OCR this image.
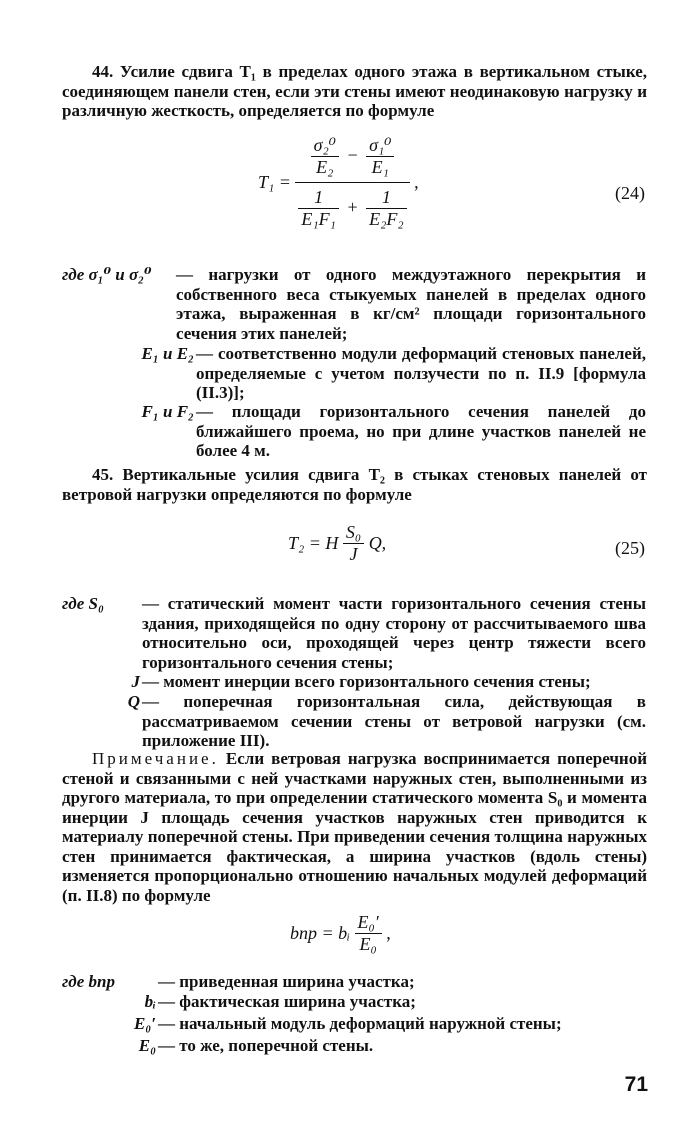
44. Усилие сдвига T₁ в пределах одного этажа в вертикальном стыке, соединяющем панели стен, если эти стены имеют неодинаковую нагрузку и различную жесткость, определяется по формуле
$T_1 = \frac{\frac{\text{σ₂⁰}}{\text{E₂}} - \frac{\text{σ₁⁰}}{\text{E₁}}}{\frac{1}{\text{E₁F₁}} + \frac{1}{\text{E₂F₂}}}$ ,
(24)
где σ₁⁰ и σ₂⁰	— нагрузки от одного междуэтажного перекрытия и собственного веса стыкуемых панелей в пределах одного этажа, выраженная в кг/см² площади горизонтального сечения этих панелей;
E₁ и E₂ — соответственно модули деформаций стеновых панелей, определяемые с учетом ползучести по п. II.9 [формула (II.3)];
F₁ и F₂ — площади горизонтального сечения панелей до ближайшего проема, но при длине участков панелей не более 4 м.
45. Вертикальные усилия сдвига T₂ в стыках стеновых панелей от ветровой нагрузки определяются по формуле
T₂ = H $\frac{\text{S₀}}{J} Q$,	(25)
где S₀	— статический момент части горизонтального сечения стены здания, приходящейся по одну сторону от рассчитываемого шва относительно оси, проходящей через центр тяжести всего горизонтального сечения стены;
J — момент инерции всего горизонтального сечения стены;
Q — поперечная горизонтальная сила, действующая в рассматриваемом сечении стены от ветровой нагрузки (см. приложение III).
Примечание. Если ветровая нагрузка воспринимается поперечной стеной и связанными с ней участками наружных стен, выполненными из другого материала, то при определении статического момента S₀ и момента инерции J площадь сечения участков наружных стен приводится к материалу поперечной стены. При приведении сечения толщина наружных стен принимается фактическая, а ширина участков (вдоль стены) изменяется пропорционально отношению начальных модулей деформаций (п. II.8) по формуле
bпр = bᵢ $\frac{\text{E₀′}}{\text{E₀}}$ ,
где bпр	— приведенная ширина участка;
bᵢ — фактическая ширина участка;
E₀′ — начальный модуль деформаций наружной стены;
E₀ — то же, поперечной стены.
71
